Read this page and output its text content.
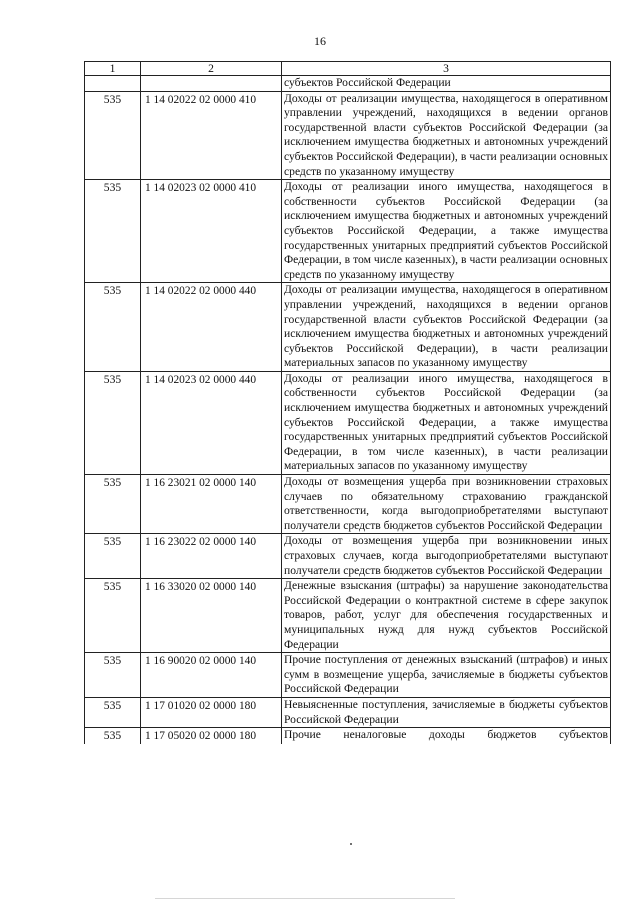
16
1	2	3
		субъектов Российской Федерации
535	1 14 02022 02 0000 410	Доходы от реализации имущества, находящегося в оперативном управлении учреждений, находящихся в ведении органов государственной власти субъектов Российской Федерации (за исключением имущества бюджетных и автономных учреждений субъектов Российской Федерации), в части реализации основных средств по указанному имуществу
535	1 14 02023 02 0000 410	Доходы от реализации иного имущества, находящегося в собственности субъектов Российской Федерации (за исключением имущества бюджетных и автономных учреждений субъектов Российской Федерации, а также имущества государственных унитарных предприятий субъектов Российской Федерации, в том числе казенных), в части реализации основных средств по указанному имуществу
535	1 14 02022 02 0000 440	Доходы от реализации имущества, находящегося в оперативном управлении учреждений, находящихся в ведении органов государственной власти субъектов Российской Федерации (за исключением имущества бюджетных и автономных учреждений субъектов Российской Федерации), в части реализации материальных запасов по указанному имуществу
535	1 14 02023 02 0000 440	Доходы от реализации иного имущества, находящегося в собственности субъектов Российской Федерации (за исключением имущества бюджетных и автономных учреждений субъектов Российской Федерации, а также имущества государственных унитарных предприятий субъектов Российской Федерации, в том числе казенных), в части реализации материальных запасов по указанному имуществу
535	1 16 23021 02 0000 140	Доходы от возмещения ущерба при возникновении страховых случаев по обязательному страхованию гражданской ответственности, когда выгодоприобретателями выступают получатели средств бюджетов субъектов Российской Федерации
535	1 16 23022 02 0000 140	Доходы от возмещения ущерба при возникновении иных страховых случаев, когда выгодоприобретателями выступают получатели средств бюджетов субъектов Российской Федерации
535	1 16 33020 02 0000 140	Денежные взыскания (штрафы) за нарушение законодательства Российской Федерации о контрактной системе в сфере закупок товаров, работ, услуг для обеспечения государственных и муниципальных нужд для нужд субъектов Российской Федерации
535	1 16 90020 02 0000 140	Прочие поступления от денежных взысканий (штрафов) и иных сумм в возмещение ущерба, зачисляемые в бюджеты субъектов Российской Федерации
535	1 17 01020 02 0000 180	Невыясненные поступления, зачисляемые в бюджеты субъектов Российской Федерации
535	1 17 05020 02 0000 180	Прочие неналоговые доходы бюджетов субъектов
